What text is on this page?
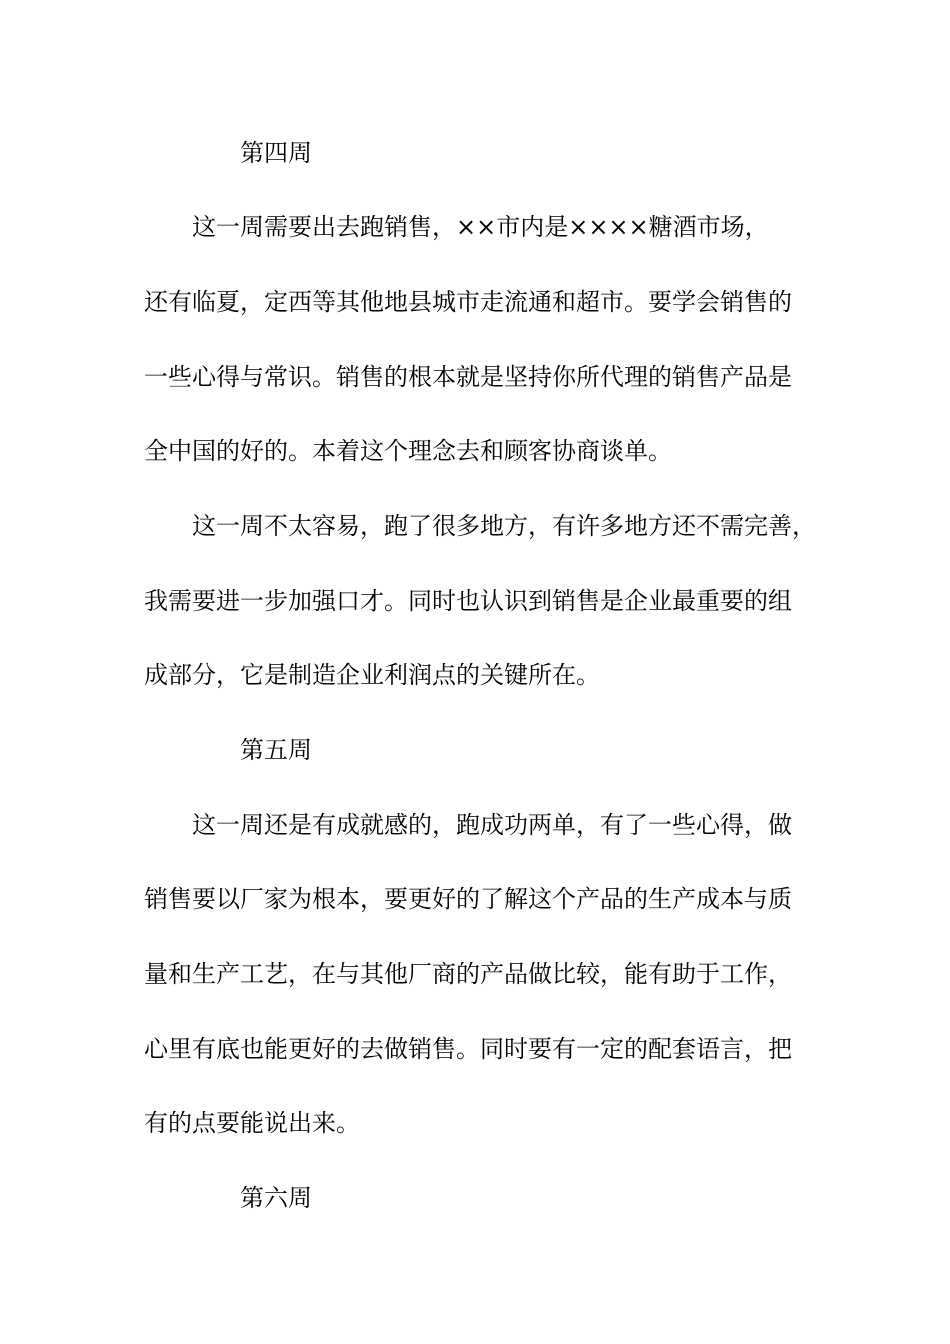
第四周
这一周需要出去跑销售，××市内是××××糖酒市场，
还有临夏，定西等其他地县城市走流通和超市。要学会销售的
一些心得与常识。销售的根本就是坚持你所代理的销售产品是
全中国的好的。本着这个理念去和顾客协商谈单。
这一周不太容易，跑了很多地方，有许多地方还不需完善，
我需要进一步加强口才。同时也认识到销售是企业最重要的组
成部分，它是制造企业利润点的关键所在。
第五周
这一周还是有成就感的，跑成功两单，有了一些心得，做
销售要以厂家为根本，要更好的了解这个产品的生产成本与质
量和生产工艺，在与其他厂商的产品做比较，能有助于工作，
心里有底也能更好的去做销售。同时要有一定的配套语言，把
有的点要能说出来。
第六周
